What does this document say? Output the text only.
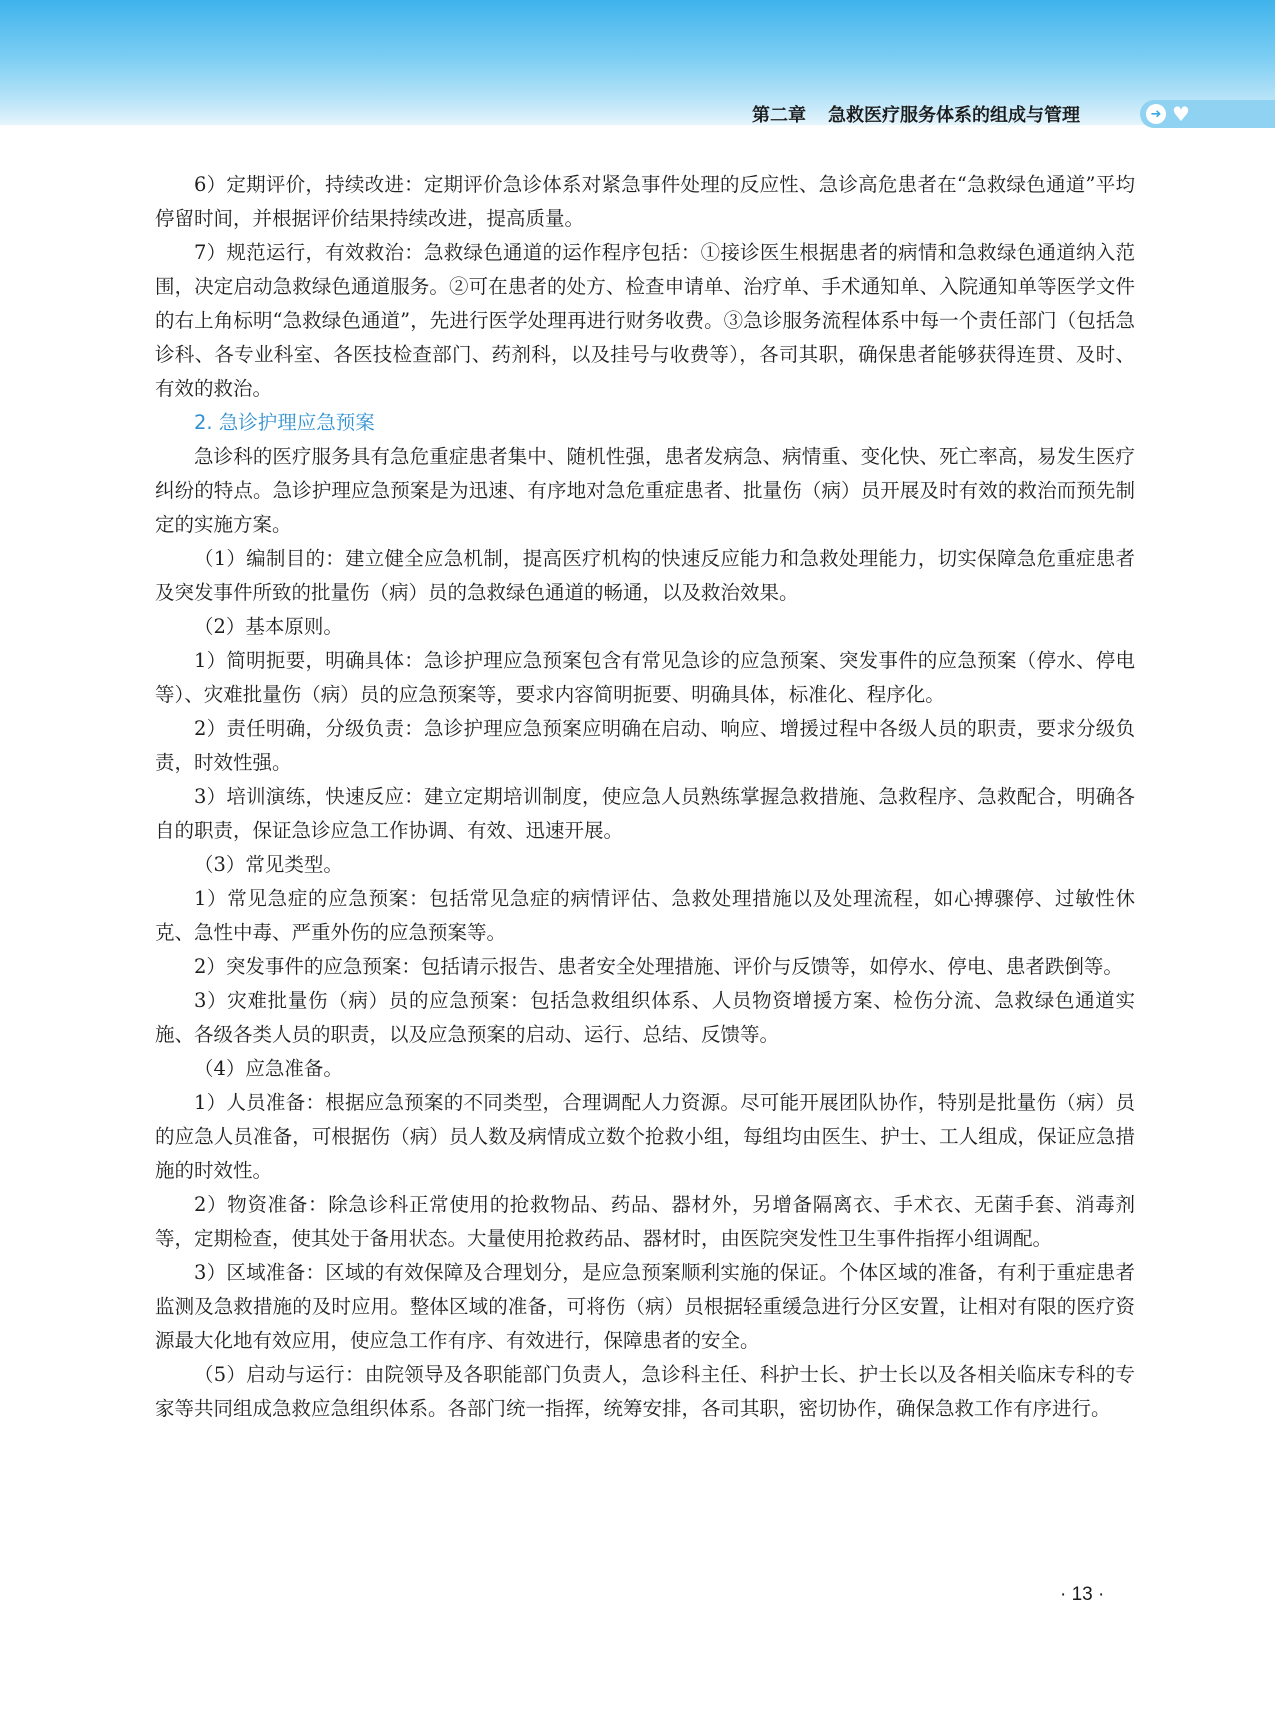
第二章 急救医疗服务体系的组成与管理	➜ ♥

6）定期评价，持续改进：定期评价急诊体系对紧急事件处理的反应性、急诊高危患者在“急救绿色通道”平均停留时间，并根据评价结果持续改进，提高质量。

7）规范运行，有效救治：急救绿色通道的运作程序包括：①接诊医生根据患者的病情和急救绿色通道纳入范围，决定启动急救绿色通道服务。②可在患者的处方、检查申请单、治疗单、手术通知单、入院通知单等医学文件的右上角标明“急救绿色通道”，先进行医学处理再进行财务收费。③急诊服务流程体系中每一个责任部门（包括急诊科、各专业科室、各医技检查部门、药剂科，以及挂号与收费等），各司其职，确保患者能够获得连贯、及时、有效的救治。

2. 急诊护理应急预案

急诊科的医疗服务具有急危重症患者集中、随机性强，患者发病急、病情重、变化快、死亡率高，易发生医疗纠纷的特点。急诊护理应急预案是为迅速、有序地对急危重症患者、批量伤（病）员开展及时有效的救治而预先制定的实施方案。

（1）编制目的：建立健全应急机制，提高医疗机构的快速反应能力和急救处理能力，切实保障急危重症患者及突发事件所致的批量伤（病）员的急救绿色通道的畅通，以及救治效果。

（2）基本原则。

1）简明扼要，明确具体：急诊护理应急预案包含有常见急诊的应急预案、突发事件的应急预案（停水、停电等）、灾难批量伤（病）员的应急预案等，要求内容简明扼要、明确具体，标准化、程序化。

2）责任明确，分级负责：急诊护理应急预案应明确在启动、响应、增援过程中各级人员的职责，要求分级负责，时效性强。

3）培训演练，快速反应：建立定期培训制度，使应急人员熟练掌握急救措施、急救程序、急救配合，明确各自的职责，保证急诊应急工作协调、有效、迅速开展。

（3）常见类型。

1）常见急症的应急预案：包括常见急症的病情评估、急救处理措施以及处理流程，如心搏骤停、过敏性休克、急性中毒、严重外伤的应急预案等。

2）突发事件的应急预案：包括请示报告、患者安全处理措施、评价与反馈等，如停水、停电、患者跌倒等。

3）灾难批量伤（病）员的应急预案：包括急救组织体系、人员物资增援方案、检伤分流、急救绿色通道实施、各级各类人员的职责，以及应急预案的启动、运行、总结、反馈等。

（4）应急准备。

1）人员准备：根据应急预案的不同类型，合理调配人力资源。尽可能开展团队协作，特别是批量伤（病）员的应急人员准备，可根据伤（病）员人数及病情成立数个抢救小组，每组均由医生、护士、工人组成，保证应急措施的时效性。

2）物资准备：除急诊科正常使用的抢救物品、药品、器材外，另增备隔离衣、手术衣、无菌手套、消毒剂等，定期检查，使其处于备用状态。大量使用抢救药品、器材时，由医院突发性卫生事件指挥小组调配。

3）区域准备：区域的有效保障及合理划分，是应急预案顺利实施的保证。个体区域的准备，有利于重症患者监测及急救措施的及时应用。整体区域的准备，可将伤（病）员根据轻重缓急进行分区安置，让相对有限的医疗资源最大化地有效应用，使应急工作有序、有效进行，保障患者的安全。

（5）启动与运行：由院领导及各职能部门负责人，急诊科主任、科护士长、护士长以及各相关临床专科的专家等共同组成急救应急组织体系。各部门统一指挥，统筹安排，各司其职，密切协作，确保急救工作有序进行。

· 13 ·
